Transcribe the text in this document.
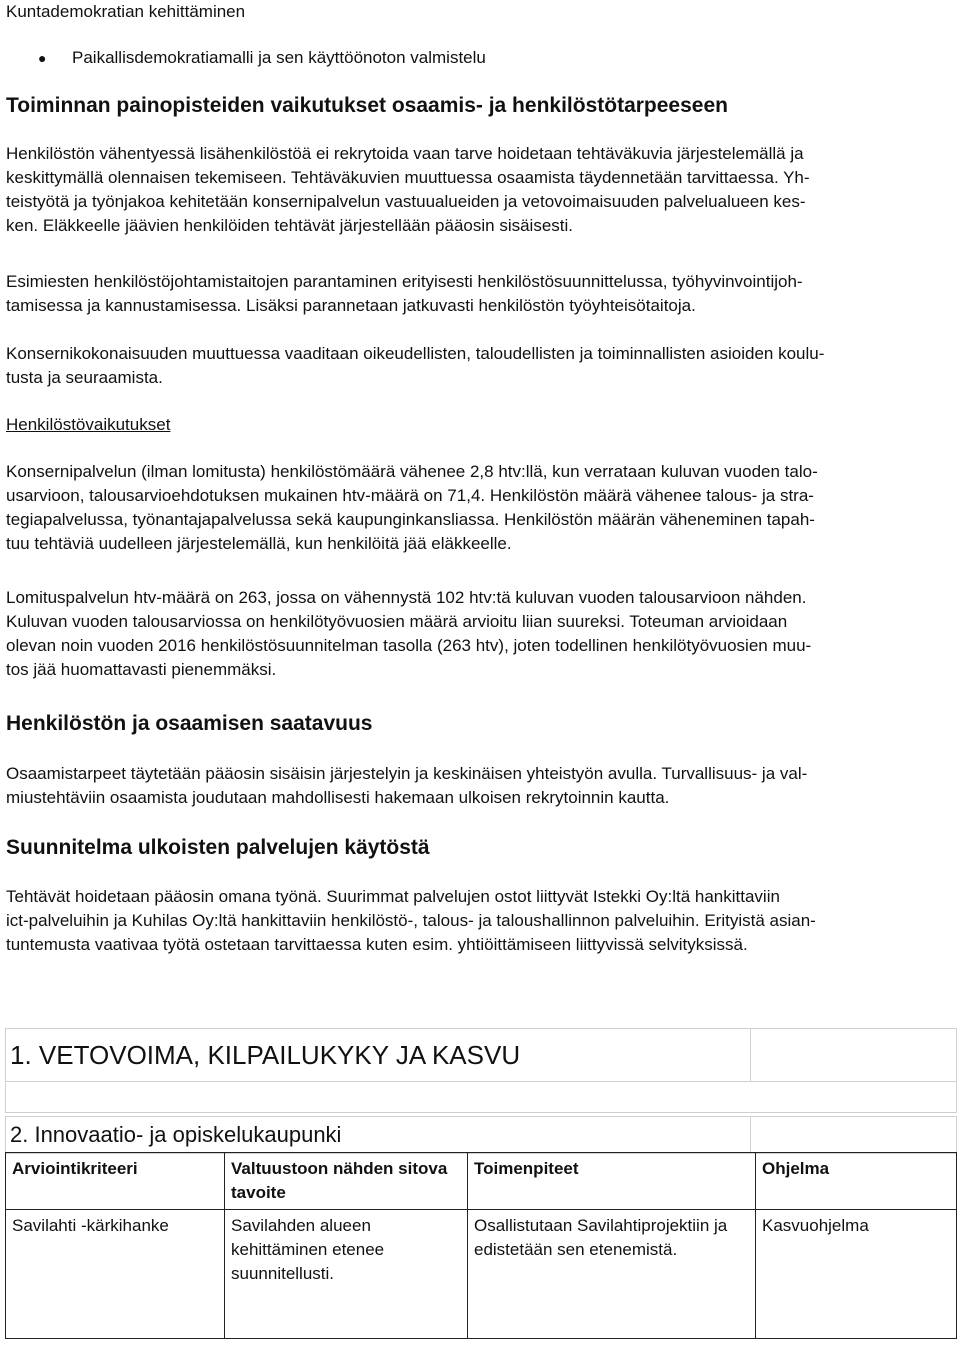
Kuntademokratian kehittäminen
●	Paikallisdemokratiamalli ja sen käyttöönoton valmistelu
Toiminnan painopisteiden vaikutukset osaamis- ja henkilöstötarpeeseen
Henkilöstön vähentyessä lisähenkilöstöä ei rekrytoida vaan tarve hoidetaan tehtäväkuvia järjestelemällä ja
keskittymällä olennaisen tekemiseen. Tehtäväkuvien muuttuessa osaamista täydennetään tarvittaessa. Yh-
teistyötä ja työnjakoa kehitetään konsernipalvelun vastuualueiden ja vetovoimaisuuden palvelualueen kes-
ken. Eläkkeelle jäävien henkilöiden tehtävät järjestellään pääosin sisäisesti.
Esimiesten henkilöstöjohtamistaitojen parantaminen erityisesti henkilöstösuunnittelussa, työhyvinvointijoh-
tamisessa ja kannustamisessa. Lisäksi parannetaan jatkuvasti henkilöstön työyhteisötaitoja.
Konsernikokonaisuuden muuttuessa vaaditaan oikeudellisten, taloudellisten ja toiminnallisten asioiden koulu-
tusta ja seuraamista.
Henkilöstövaikutukset
Konsernipalvelun (ilman lomitusta) henkilöstömäärä vähenee 2,8 htv:llä, kun verrataan kuluvan vuoden talo-
usarvioon, talousarvioehdotuksen mukainen htv-määrä on 71,4. Henkilöstön määrä vähenee talous- ja stra-
tegiapalvelussa, työnantajapalvelussa sekä kaupunginkansliassa. Henkilöstön määrän väheneminen tapah-
tuu tehtäviä uudelleen järjestelemällä, kun henkilöitä jää eläkkeelle.
Lomituspalvelun htv-määrä on 263, jossa on vähennystä 102 htv:tä kuluvan vuoden talousarvioon nähden.
Kuluvan vuoden talousarviossa on henkilötyövuosien määrä arvioitu liian suureksi. Toteuman arvioidaan
olevan noin vuoden 2016 henkilöstösuunnitelman tasolla (263 htv), joten todellinen henkilötyövuosien muu-
tos jää huomattavasti pienemmäksi.
Henkilöstön ja osaamisen saatavuus
Osaamistarpeet täytetään pääosin sisäisin järjestelyin ja keskinäisen yhteistyön avulla. Turvallisuus- ja val-
miustehtäviin osaamista joudutaan mahdollisesti hakemaan ulkoisen rekrytoinnin kautta.
Suunnitelma ulkoisten palvelujen käytöstä
Tehtävät hoidetaan pääosin omana työnä. Suurimmat palvelujen ostot liittyvät Istekki Oy:ltä hankittaviin
ict-palveluihin ja Kuhilas Oy:ltä hankittaviin henkilöstö-, talous- ja taloushallinnon palveluihin. Erityistä asian-
tuntemusta vaativaa työtä ostetaan tarvittaessa kuten esim. yhtiöittämiseen liittyvissä selvityksissä.
1. VETOVOIMA, KILPAILUKYKY JA KASVU	

2. Innovaatio- ja opiskelukaupunki

Arviointikriteeri	Valtuustoon nähden sitova tavoite	Toimenpiteet	Ohjelma
Savilahti -kärkihanke	Savilahden alueen kehittäminen etenee suunnitellusti.	Osallistutaan Savilahtiprojektiin ja edistetään sen etenemistä.	Kasvuohjelma
